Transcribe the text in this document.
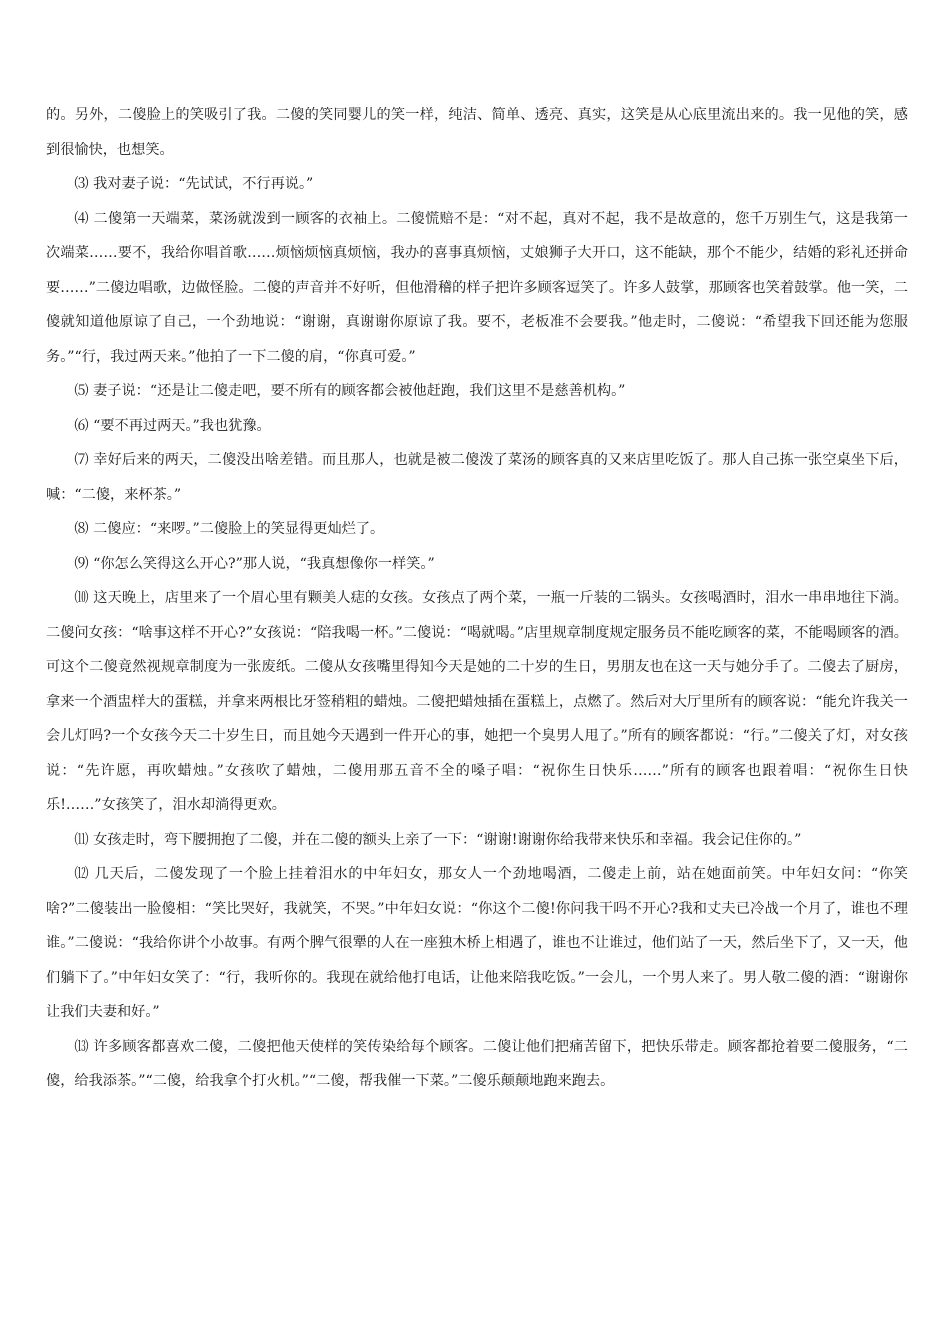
的。另外，二傻脸上的笑吸引了我。二傻的笑同婴儿的笑一样，纯洁、简单、透亮、真实，这笑是从心底里流出来的。我一见他的笑，感到很愉快，也想笑。

⑶ 我对妻子说：“先试试，不行再说。”

⑷ 二傻第一天端菜，菜汤就泼到一顾客的衣袖上。二傻慌赔不是：“对不起，真对不起，我不是故意的，您千万别生气，这是我第一次端菜……要不，我给你唱首歌……烦恼烦恼真烦恼，我办的喜事真烦恼，丈娘狮子大开口，这不能缺，那个不能少，结婚的彩礼还拼命要……”二傻边唱歌，边做怪脸。二傻的声音并不好听，但他滑稽的样子把许多顾客逗笑了。许多人鼓掌，那顾客也笑着鼓掌。他一笑，二傻就知道他原谅了自己，一个劲地说：“谢谢，真谢谢你原谅了我。要不，老板准不会要我。”他走时，二傻说：“希望我下回还能为您服务。”“行，我过两天来。”他拍了一下二傻的肩，“你真可爱。”

⑸ 妻子说：“还是让二傻走吧，要不所有的顾客都会被他赶跑，我们这里不是慈善机构。”

⑹ “要不再过两天。”我也犹豫。

⑺ 幸好后来的两天，二傻没出啥差错。而且那人，也就是被二傻泼了菜汤的顾客真的又来店里吃饭了。那人自己拣一张空桌坐下后，喊：“二傻，来杯茶。”

⑻ 二傻应：“来啰。”二傻脸上的笑显得更灿烂了。

⑼ “你怎么笑得这么开心?”那人说，“我真想像你一样笑。”

⑽ 这天晚上，店里来了一个眉心里有颗美人痣的女孩。女孩点了两个菜，一瓶一斤装的二锅头。女孩喝酒时，泪水一串串地往下淌。二傻问女孩：“啥事这样不开心?”女孩说：“陪我喝一杯。”二傻说：“喝就喝。”店里规章制度规定服务员不能吃顾客的菜，不能喝顾客的酒。可这个二傻竟然视规章制度为一张废纸。二傻从女孩嘴里得知今天是她的二十岁的生日，男朋友也在这一天与她分手了。二傻去了厨房，拿来一个酒盅样大的蛋糕，并拿来两根比牙签稍粗的蜡烛。二傻把蜡烛插在蛋糕上，点燃了。然后对大厅里所有的顾客说：“能允许我关一会儿灯吗?一个女孩今天二十岁生日，而且她今天遇到一件开心的事，她把一个臭男人甩了。”所有的顾客都说：“行。”二傻关了灯，对女孩说：“先许愿，再吹蜡烛。”女孩吹了蜡烛，二傻用那五音不全的嗓子唱：“祝你生日快乐……”所有的顾客也跟着唱：“祝你生日快乐!……”女孩笑了，泪水却淌得更欢。

⑾ 女孩走时，弯下腰拥抱了二傻，并在二傻的额头上亲了一下：“谢谢!谢谢你给我带来快乐和幸福。我会记住你的。”

⑿ 几天后，二傻发现了一个脸上挂着泪水的中年妇女，那女人一个劲地喝酒，二傻走上前，站在她面前笑。中年妇女问：“你笑啥?”二傻装出一脸傻相：“笑比哭好，我就笑，不哭。”中年妇女说：“你这个二傻!你问我干吗不开心?我和丈夫已冷战一个月了，谁也不理谁。”二傻说：“我给你讲个小故事。有两个脾气很犟的人在一座独木桥上相遇了，谁也不让谁过，他们站了一天，然后坐下了，又一天，他们躺下了。”中年妇女笑了：“行，我听你的。我现在就给他打电话，让他来陪我吃饭。”一会儿，一个男人来了。男人敬二傻的酒：“谢谢你让我们夫妻和好。”

⒀ 许多顾客都喜欢二傻，二傻把他天使样的笑传染给每个顾客。二傻让他们把痛苦留下，把快乐带走。顾客都抢着要二傻服务，“二傻，给我添茶。”“二傻，给我拿个打火机。”“二傻，帮我催一下菜。”二傻乐颠颠地跑来跑去。
